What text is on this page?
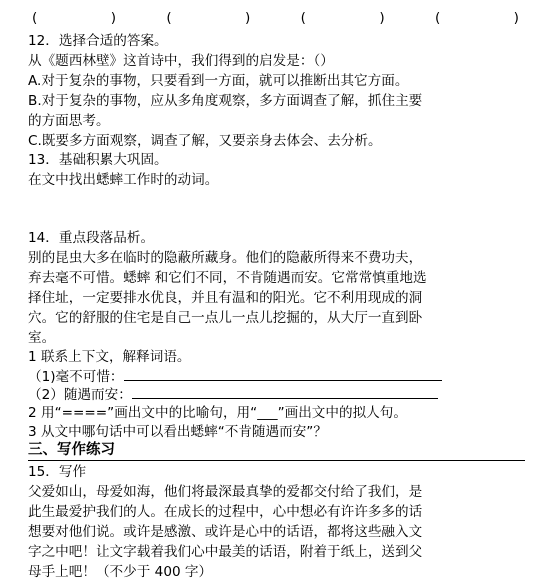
(	)	(	)	(	)	(	)
12．选择合适的答案。
从《题西林壁》这首诗中，我们得到的启发是：（）
A.对于复杂的事物，只要看到一方面，就可以推断出其它方面。
B.对于复杂的事物，应从多角度观察，多方面调查了解，抓住主要
的方面思考。
C.既要多方面观察，调查了解，又要亲身去体会、去分析。
13．基础积累大巩固。
在文中找出蟋蟀工作时的动词。
14．重点段落品析。
别的昆虫大多在临时的隐蔽所藏身。他们的隐蔽所得来不费功夫，
弃去毫不可惜。蟋蟀 和它们不同，不肯随遇而安。它常常慎重地选
择住址，一定要排水优良，并且有温和的阳光。它不利用现成的洞
穴。它的舒服的住宅是自己一点儿一点儿挖掘的，从大厅一直到卧
室。
1 联系上下文，解释词语。
（1)毫不可惜：
（2）随遇而安：
2 用“====”画出文中的比喻句，用“___”画出文中的拟人句。
3 从文中哪句话中可以看出蟋蟀“不肯随遇而安”？
三、写作练习
15．写作
父爱如山，母爱如海，他们将最深最真挚的爱都交付给了我们，是
此生最爱护我们的人。在成长的过程中，心中想必有许许多多的话
想要对他们说。或许是感激、或许是心中的话语，都将这些融入文
字之中吧！让文字载着我们心中最美的话语，附着于纸上，送到父
母手上吧！（不少于 400 字）
